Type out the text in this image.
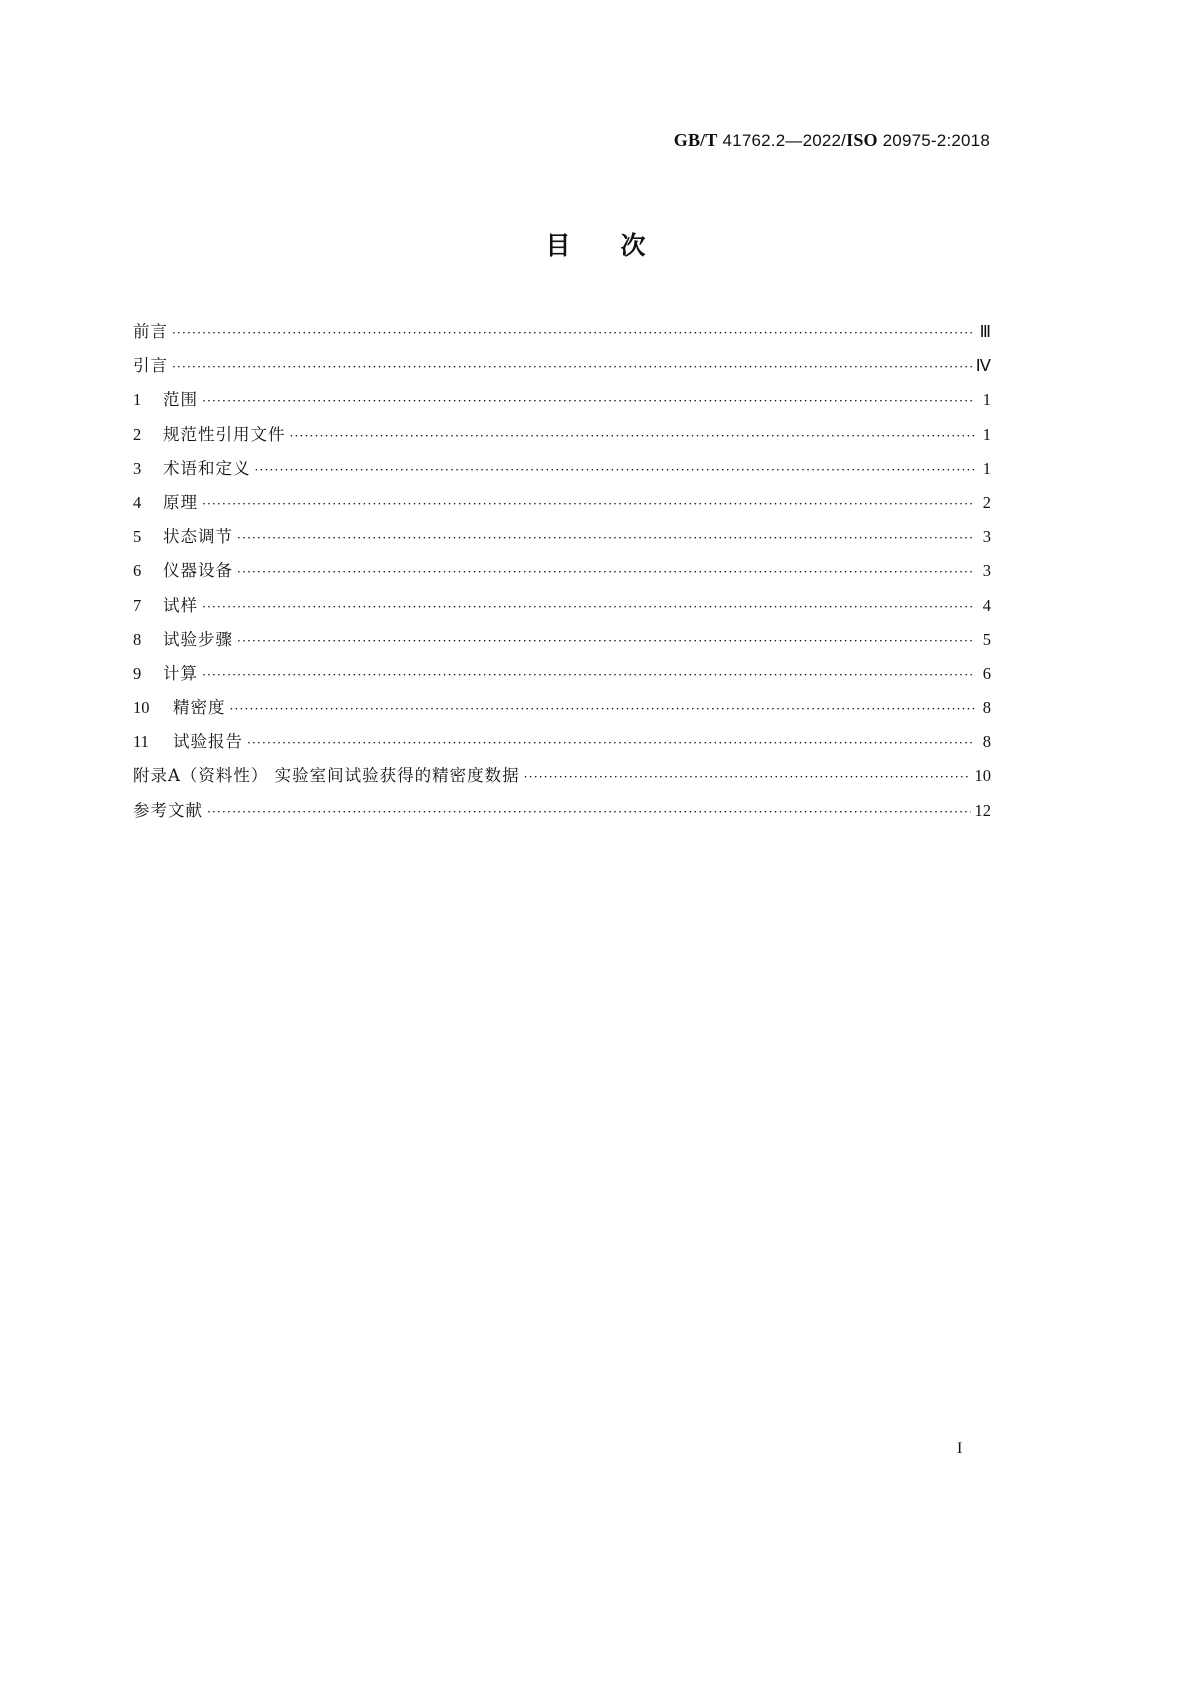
GB/T 41762.2—2022/ISO 20975-2:2018
目次
前言 ·····	Ⅲ
引言 ·····	Ⅳ
1	范围 ·····	1
2	规范性引用文件 ·····	1
3	术语和定义 ·····	1
4	原理 ·····	2
5	状态调节 ·····	3
6	仪器设备 ·····	3
7	试样 ·····	4
8	试验步骤 ·····	5
9	计算 ·····	6
10	精密度 ·····	8
11	试验报告 ·····	8
附录A（资料性） 实验室间试验获得的精密度数据 ·····	10
参考文献 ·····	12
I
